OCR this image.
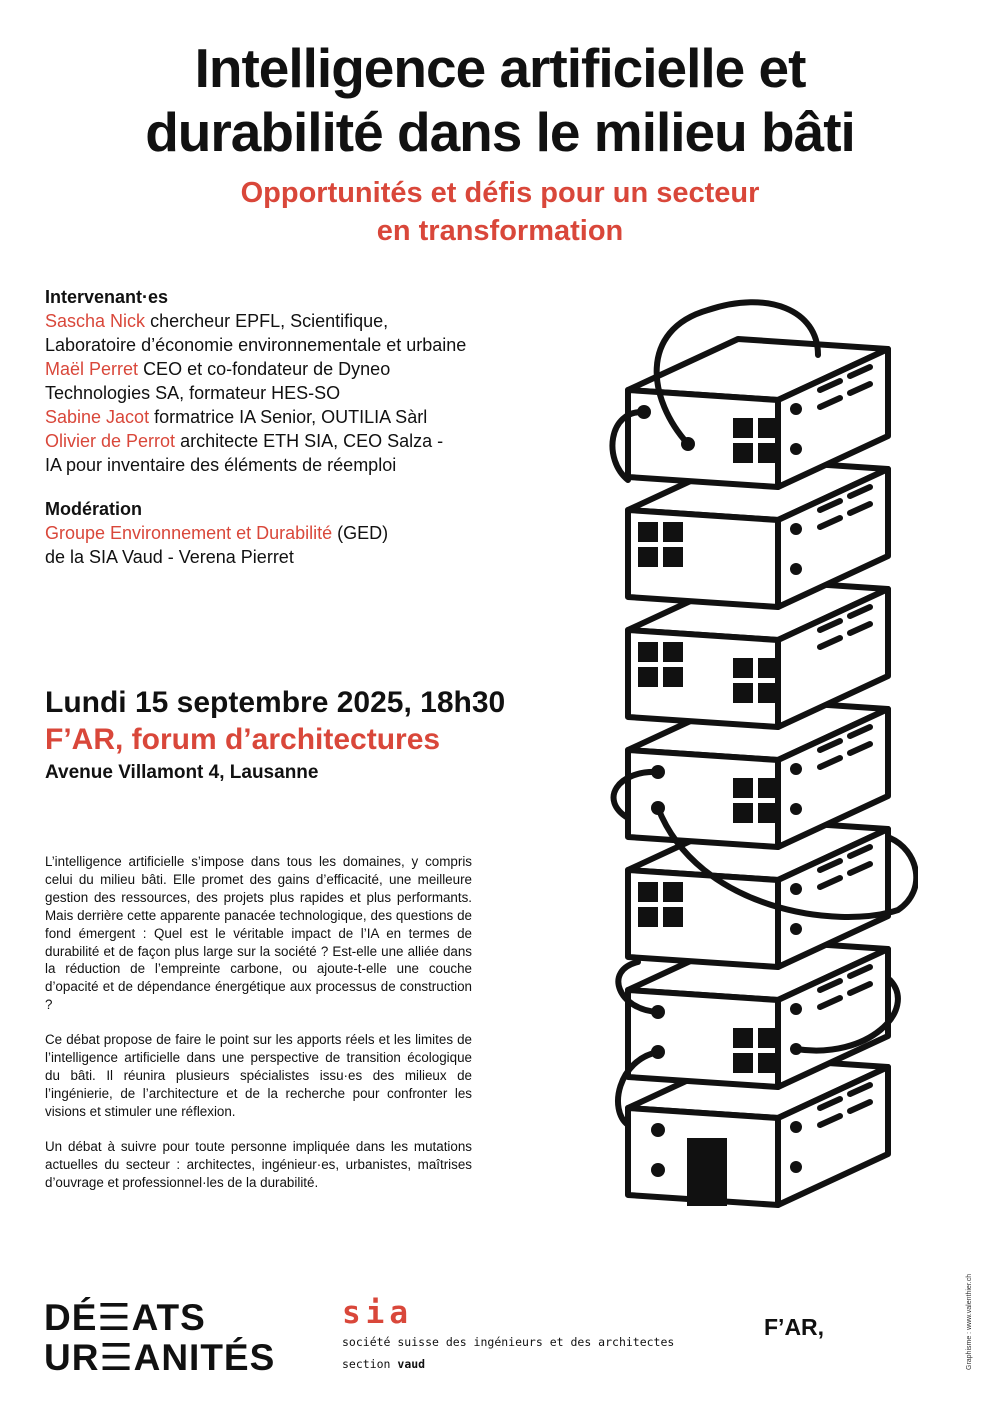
Intelligence artificielle et
durabilité dans le milieu bâti
Opportunités et défis pour un secteur
en transformation
Intervenant·es
Sascha Nick chercheur EPFL, Scientifique,
Laboratoire d’économie environnementale et urbaine
Maël Perret CEO et co-fondateur de Dyneo
Technologies SA, formateur HES-SO
Sabine Jacot formatrice IA Senior, OUTILIA Sàrl
Olivier de Perrot architecte ETH SIA, CEO Salza -
IA pour inventaire des éléments de réemploi
Modération
Groupe Environnement et Durabilité (GED)
de la SIA Vaud - Verena Pierret
Lundi 15 septembre 2025, 18h30
F’AR, forum d’architectures
Avenue Villamont 4, Lausanne

L’intelligence artificielle s’impose dans tous les domaines, y compris celui du milieu bâti. Elle promet des gains d’efficacité, une meilleure gestion des ressources, des projets plus rapides et plus performants. Mais derrière cette apparente panacée technologique, des questions de fond émergent : Quel est le véritable impact de l’IA en termes de durabilité et de façon plus large sur la société ? Est-elle une alliée dans la réduction de l’empreinte carbone, ou ajoute-t-elle une couche d’opacité et de dépendance énergétique aux processus de construction ?

Ce débat propose de faire le point sur les apports réels et les limites de l’intelligence artificielle dans une perspective de transition écologique du bâti. Il réunira plusieurs spécialistes issu·es des milieux de l’ingénierie, de l’architecture et de la recherche pour confronter les visions et stimuler une réflexion.

Un débat à suivre pour toute personne impliquée dans les mutations actuelles du secteur : architectes, ingénieur·es, urbanistes, maîtrises d’ouvrage et professionnel·les de la durabilité.

DÉ☰ATS
UR☰ANITÉS
sia
société suisse des ingénieurs et des architectes
section vaud
F’AR,	Graphisme : www.valenthier.ch
